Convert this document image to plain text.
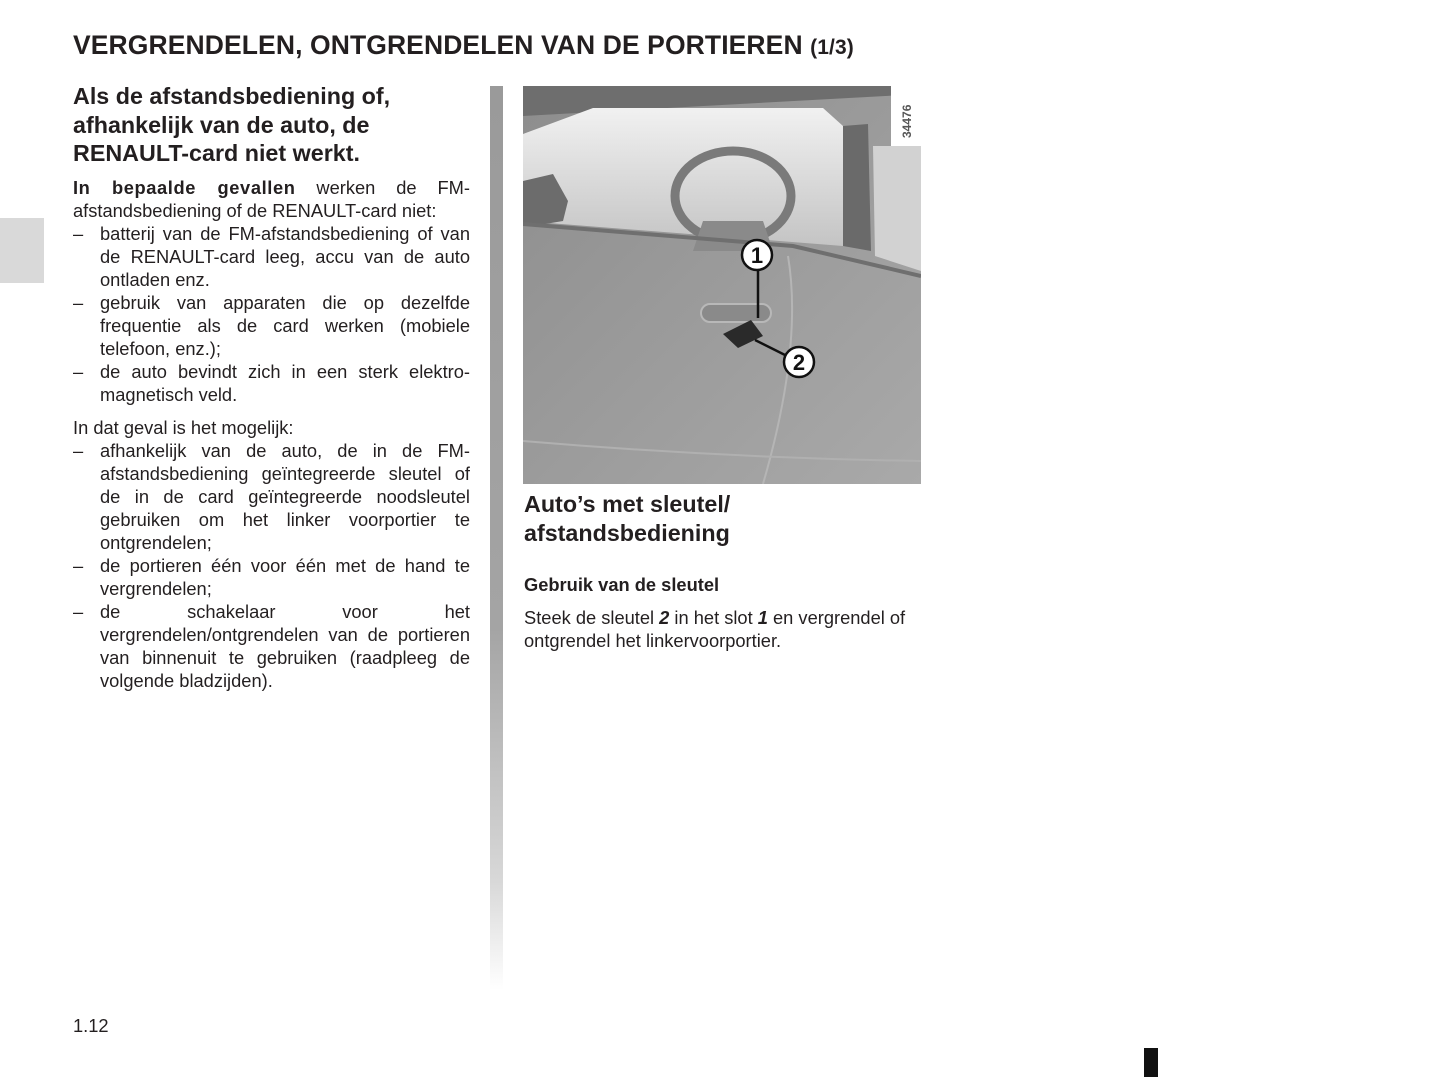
VERGRENDELEN, ONTGRENDELEN VAN DE PORTIEREN (1/3)
Als de afstandsbediening of,
afhankelijk van de auto, de
RENAULT-card niet werkt.

In bepaalde gevallen werken de FM-afstandsbediening of de RENAULT-card niet:

– batterij van de FM-afstandsbediening of van de RENAULT-card leeg, accu van de auto ontladen enz.
– gebruik van apparaten die op dezelfde frequentie als de card werken (mobiele telefoon, enz.);
– de auto bevindt zich in een sterk elektro-magnetisch veld.

In dat geval is het mogelijk:

– afhankelijk van de auto, de in de FM-afstandsbediening geïntegreerde sleutel of de in de card geïntegreerde noodsleutel gebruiken om het linker voorportier te ontgrendelen;
– de portieren één voor één met de hand te vergrendelen;
– de schakelaar voor het vergrendelen/ontgrendelen van de portieren van binnenuit te gebruiken (raadpleeg de volgende bladzijden).
1
2
34476
Auto’s met sleutel/
afstandsbediening
Gebruik van de sleutel

Steek de sleutel 2 in het slot 1 en vergrendel of ontgrendel het linkervoorportier.

1.12
